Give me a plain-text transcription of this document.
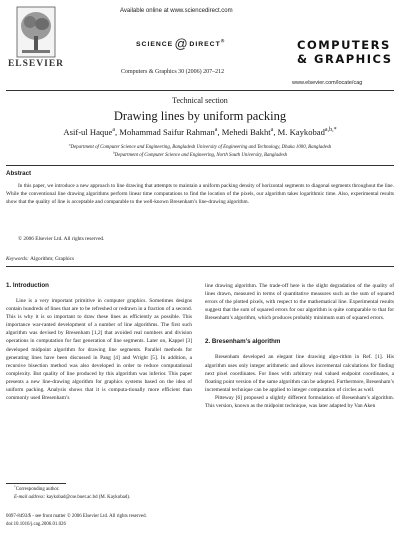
ELSEVIER
Available online at www.sciencedirect.com
SCIENCE@DIRECT®
Computers & Graphics 30 (2006) 207–212
COMPUTERS & GRAPHICS
www.elsevier.com/locate/cag
Technical section
Drawing lines by uniform packing
Asif-ul Haque$^a$, Mohammad Saifur Rahman$^a$, Mehedi Bakht$^a$, M. Kaykobad$^{a,b,*}$
$^a$Department of Computer Science and Engineering, Bangladesh University of Engineering and Technology, Dhaka 1000, Bangladesh
$^b$Department of Computer Science and Engineering, North South University, Bangladesh
Abstract
In this paper, we introduce a new approach to line drawing that attempts to maintain a uniform packing density of horizontal segments to diagonal segments throughout the line. While the conventional line drawing algorithms perform linear time computations to find the location of the pixels, our algorithm takes logarithmic time. Also, experimental results show that the quality of line is acceptable and comparable to the well-known Bresenham’s line-drawing algorithm.
© 2006 Elsevier Ltd. All rights reserved.
Keywords: Algorithm; Graphics
1. Introduction

Line is a very important primitive in computer graphics. Sometimes designs contain hundreds of lines that are to be refreshed or redrawn in a fraction of a second. This is why it is so important to draw these lines as efficiently as possible. This importance war-ranted development of a number of line algorithms. The first such algorithm was devised by Bresenham [1,2] that avoided real numbers and division operations in computation for fast generation of line segments. Later on, Kappel [3] developed midpoint algorithm for drawing line segments. Parallel methods for generating lines have been discussed in Pang [4] and Wright [5]. In addition, a recursive bisection method was also developed in order to reduce computational complexity. But quality of line produced by this algorithm was inferior. This paper presents a new line-drawing algorithm for graphics systems based on the idea of uniform packing. Analysis shows that it is computa-tionally more efficient than commonly used Bresenham’s

line drawing algorithm. The trade-off here is the slight degradation of the quality of lines drawn, measured in terms of quantitative measures such as the sum of squared errors of the plotted pixels, with respect to the mathematical line. Experimental results suggest that the sum of squared errors for our algorithm is quite comparable to that for Bresenham’s algorithm, which produces probably minimum sum of squared errors.

2. Bresenham’s algorithm

Bresenham developed an elegant line drawing algo-rithm in Ref. [1]. His algorithm uses only integer arithmetic and allows incremental calculations for finding next pixel coordinates. For lines with arbitrary real valued endpoint coordinates, a floating point version of the same algorithm can be adopted. Furthermore, Bresenham’s incremental technique can be applied to integer computation of circles as well.

Pitteway [6] proposed a slightly different formulation of Bresenham’s algorithm. This version, known as the midpoint technique, was later adapted by Van Aken

*Corresponding author.
E-mail address: kaykobad@cse.buet.ac.bd (M. Kaykobad).
0097-8493/$ - see front matter © 2006 Elsevier Ltd. All rights reserved.
doi:10.1016/j.cag.2006.01.026
